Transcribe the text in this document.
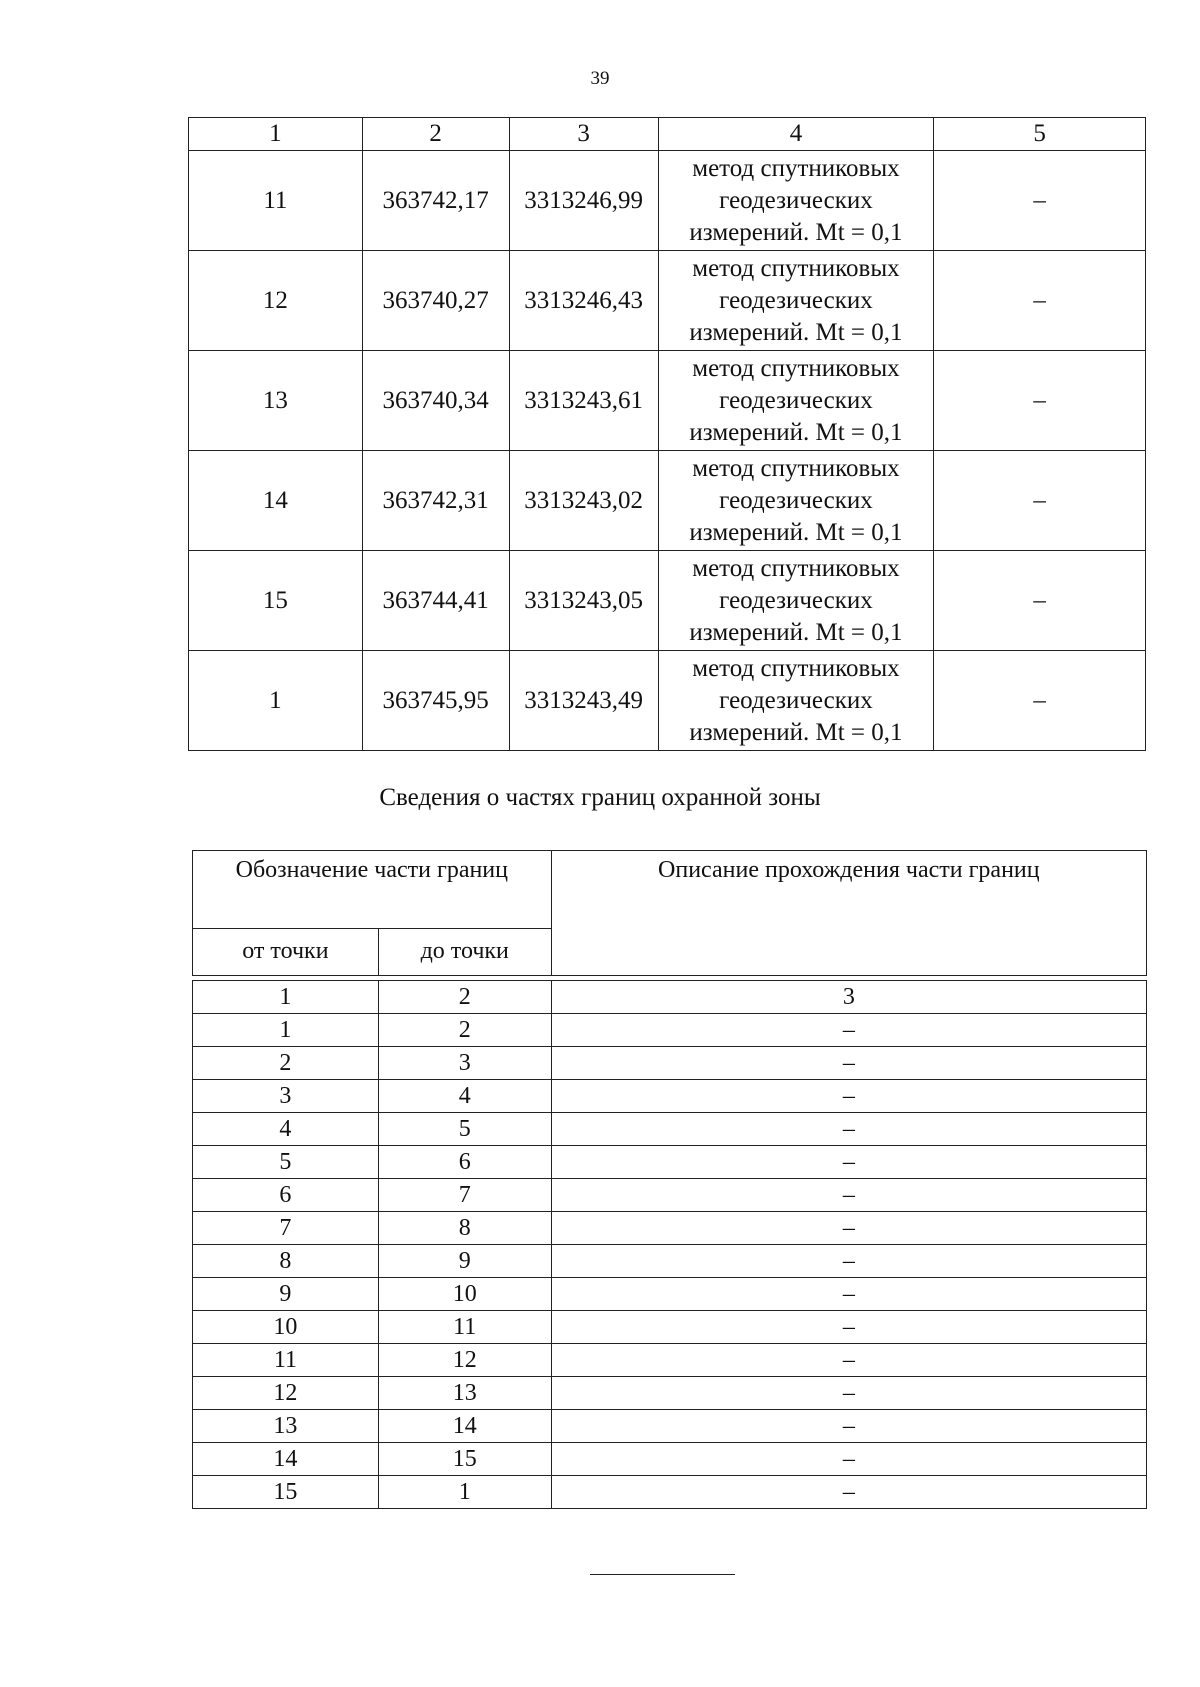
39
1	2	3	4	5
11	363742,17	3313246,99	метод спутниковых
геодезических
измерений. Mt = 0,1	–
12	363740,27	3313246,43	метод спутниковых
геодезических
измерений. Mt = 0,1	–
13	363740,34	3313243,61	метод спутниковых
геодезических
измерений. Mt = 0,1	–
14	363742,31	3313243,02	метод спутниковых
геодезических
измерений. Mt = 0,1	–
15	363744,41	3313243,05	метод спутниковых
геодезических
измерений. Mt = 0,1	–
1	363745,95	3313243,49	метод спутниковых
геодезических
измерений. Mt = 0,1	–
Сведения о частях границ охранной зоны
Обозначение части границ		Описание прохождения части границ
от точки	до точки	

1	2	3
1	2	–
2	3	–
3	4	–
4	5	–
5	6	–
6	7	–
7	8	–
8	9	–
9	10	–
10	11	–
11	12	–
12	13	–
13	14	–
14	15	–
15	1	–
